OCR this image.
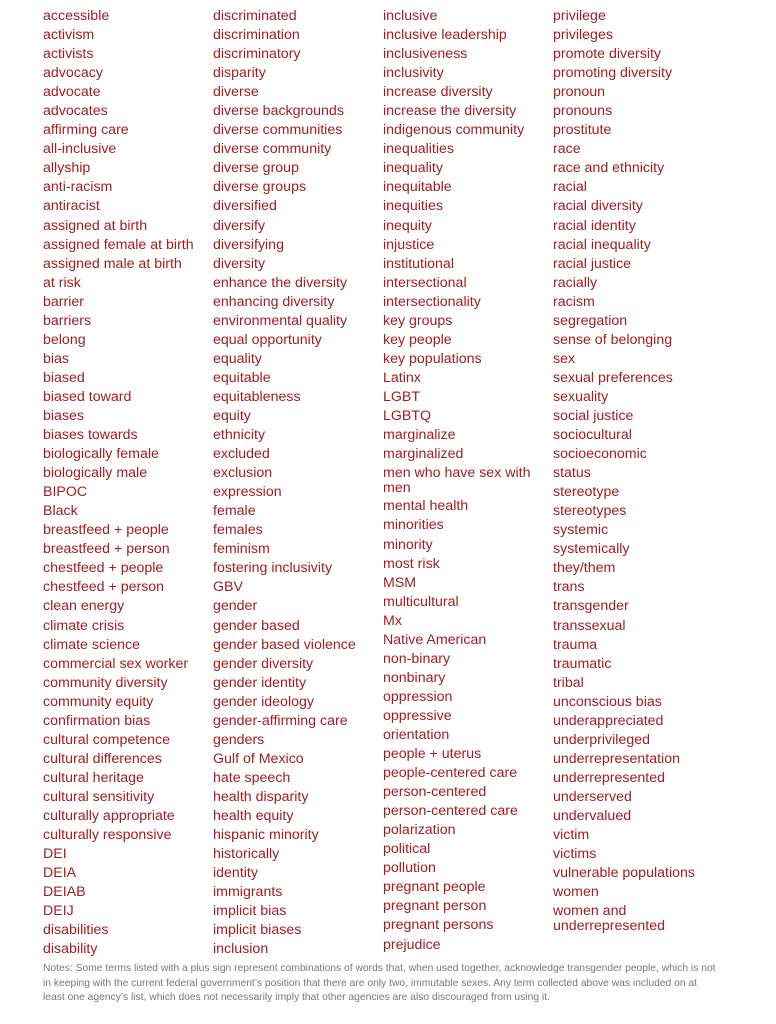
accessible
activism
activists
advocacy
advocate
advocates
affirming care
all-inclusive
allyship
anti-racism
antiracist
assigned at birth
assigned female at birth
assigned male at birth
at risk
barrier
barriers
belong
bias
biased
biased toward
biases
biases towards
biologically female
biologically male
BIPOC
Black
breastfeed + people
breastfeed + person
chestfeed + people
chestfeed + person
clean energy
climate crisis
climate science
commercial sex worker
community diversity
community equity
confirmation bias
cultural competence
cultural differences
cultural heritage
cultural sensitivity
culturally appropriate
culturally responsive
DEI
DEIA
DEIAB
DEIJ
disabilities
disability
discriminated
discrimination
discriminatory
disparity
diverse
diverse backgrounds
diverse communities
diverse community
diverse group
diverse groups
diversified
diversify
diversifying
diversity
enhance the diversity
enhancing diversity
environmental quality
equal opportunity
equality
equitable
equitableness
equity
ethnicity
excluded
exclusion
expression
female
females
feminism
fostering inclusivity
GBV
gender
gender based
gender based violence
gender diversity
gender identity
gender ideology
gender-affirming care
genders
Gulf of Mexico
hate speech
health disparity
health equity
hispanic minority
historically
identity
immigrants
implicit bias
implicit biases
inclusion
inclusive
inclusive leadership
inclusiveness
inclusivity
increase diversity
increase the diversity
indigenous community
inequalities
inequality
inequitable
inequities
inequity
injustice
institutional
intersectional
intersectionality
key groups
key people
key populations
Latinx
LGBT
LGBTQ
marginalize
marginalized
men who have sex with men
mental health
minorities
minority
most risk
MSM
multicultural
Mx
Native American
non-binary
nonbinary
oppression
oppressive
orientation
people + uterus
people-centered care
person-centered
person-centered care
polarization
political
pollution
pregnant people
pregnant person
pregnant persons
prejudice
privilege
privileges
promote diversity
promoting diversity
pronoun
pronouns
prostitute
race
race and ethnicity
racial
racial diversity
racial identity
racial inequality
racial justice
racially
racism
segregation
sense of belonging
sex
sexual preferences
sexuality
social justice
sociocultural
socioeconomic
status
stereotype
stereotypes
systemic
systemically
they/them
trans
transgender
transsexual
trauma
traumatic
tribal
unconscious bias
underappreciated
underprivileged
underrepresentation
underrepresented
underserved
undervalued
victim
victims
vulnerable populations
women
women and underrepresented

Notes: Some terms listed with a plus sign represent combinations of words that, when used together, acknowledge transgender people, which is not in keeping with the current federal government’s position that there are only two, immutable sexes. Any term collected above was included on at least one agency’s list, which does not necessarily imply that other agencies are also discouraged from using it.
